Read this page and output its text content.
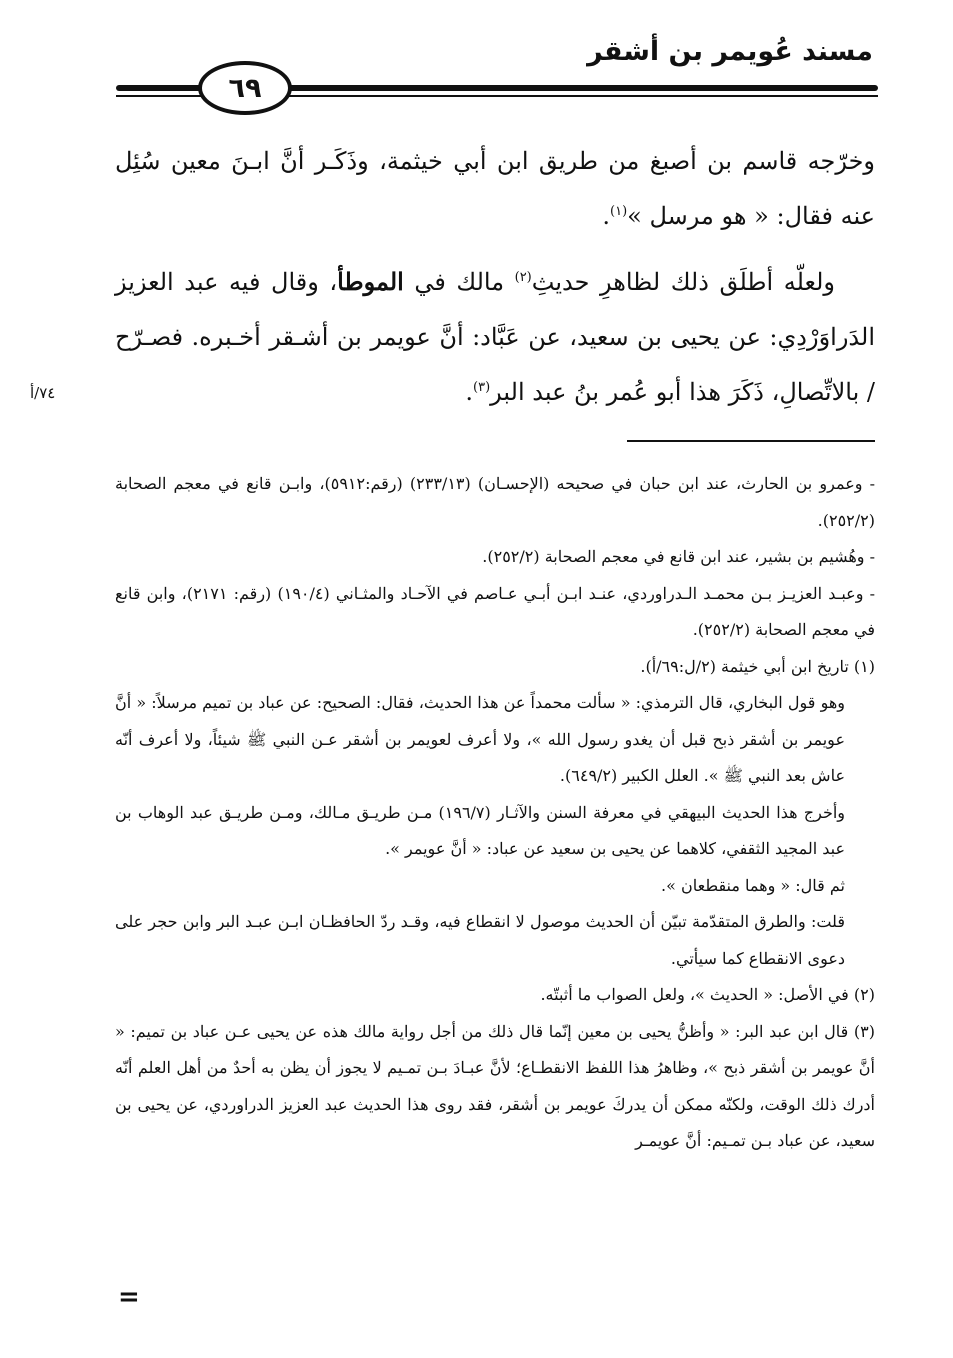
مسند عُويمر بن أشقر
٦٩

وخرّجه قاسم بن أصبغ من طريق ابن أبي خيثمة، وذَكَـر أنَّ ابـنَ معين سُئِل عنه فقال: « هو مرسل »$^{(١)}$.

ولعلّه أطلَق ذلك لظاهرِ حديثِ$^{(٢)}$ مالك في الموطأ، وقال فيه عبد العزيز الدَراوَرْدِي: عن يحيى بن سعيد، عن عَبَّاد: أنَّ عويمر بن أشـقر أخـبره. فصـرّح / بالاتِّصالِ، ذَكَرَ هذا أبو عُمر بنُ عبد البر$^{(٣)}$.

٧٤/أ

- وعمرو بن الحارث، عند ابن حبان في صحيحه (الإحسـان) (٢٣٣/١٣) (رقم:٥٩١٢)، وابـن قانع في معجم الصحابة (٢٥٢/٢).

- وهُشيم بن بشير، عند ابن قانع في معجم الصحابة (٢٥٢/٢).

- وعبـد العزيـز بـن محمـد الـدراوردي، عنـد ابـن أبـي عـاصم في الآحـاد والمثـاني (١٩٠/٤) (رقم: ٢١٧١)، وابن قانع في معجم الصحابة (٢٥٢/٢).

(١) تاريخ ابن أبي خيثمة (٢/ل:٦٩/أ).

وهو قول البخاري، قال الترمذي: « سألت محمداً عن هذا الحديث، فقال: الصحيح: عن عباد بن تميم مرسلاً: « أنَّ عويمر بن أشقر ذبح قبل أن يغدو رسول الله »، ولا أعرف لعويمر بن أشقر عـن النبي ﷺ شيئاً، ولا أعرف أنّه عاش بعد النبي ﷺ ». العلل الكبير (٦٤٩/٢).

وأخرج هذا الحديث البيهقي في معرفة السنن والآثـار (١٩٦/٧) مـن طريـق مـالك، ومـن طريـق عبد الوهاب بن عبد المجيد الثقفي، كلاهما عن يحيى بن سعيد عن عباد: « أنَّ عويمر ».

ثم قال: « وهما منقطعان ».

قلت: والطرق المتقدّمة تبيّن أن الحديث موصول لا انقطاع فيه، وقـد ردّ الحافظـان ابـن عبـد البر وابن حجر على دعوى الانقطاع كما سيأتي.

(٢) في الأصل: « الحديث »، ولعل الصواب ما أثبتّه.

(٣) قال ابن عبد البر: « وأظنُّ يحيى بن معين إنّما قال ذلك من أجل رواية مالك هذه عن يحيى عـن عباد بن تميم: « أنَّ عويمر بن أشقر ذبح »، وظاهرُ هذا اللفظ الانقطـاع؛ لأنَّ عبـادَ بـن تمـيم لا يجوز أن يظن به أحدٌ من أهل العلم أنّه أدرك ذلك الوقت، ولكنّه ممكن أن يدركَ عويمر بن أشقر، فقد روى هذا الحديث عبد العزيز الدراوردي، عن يحيى بن سعيد، عن عباد بـن تمـيم: أنَّ عويمـر

=
